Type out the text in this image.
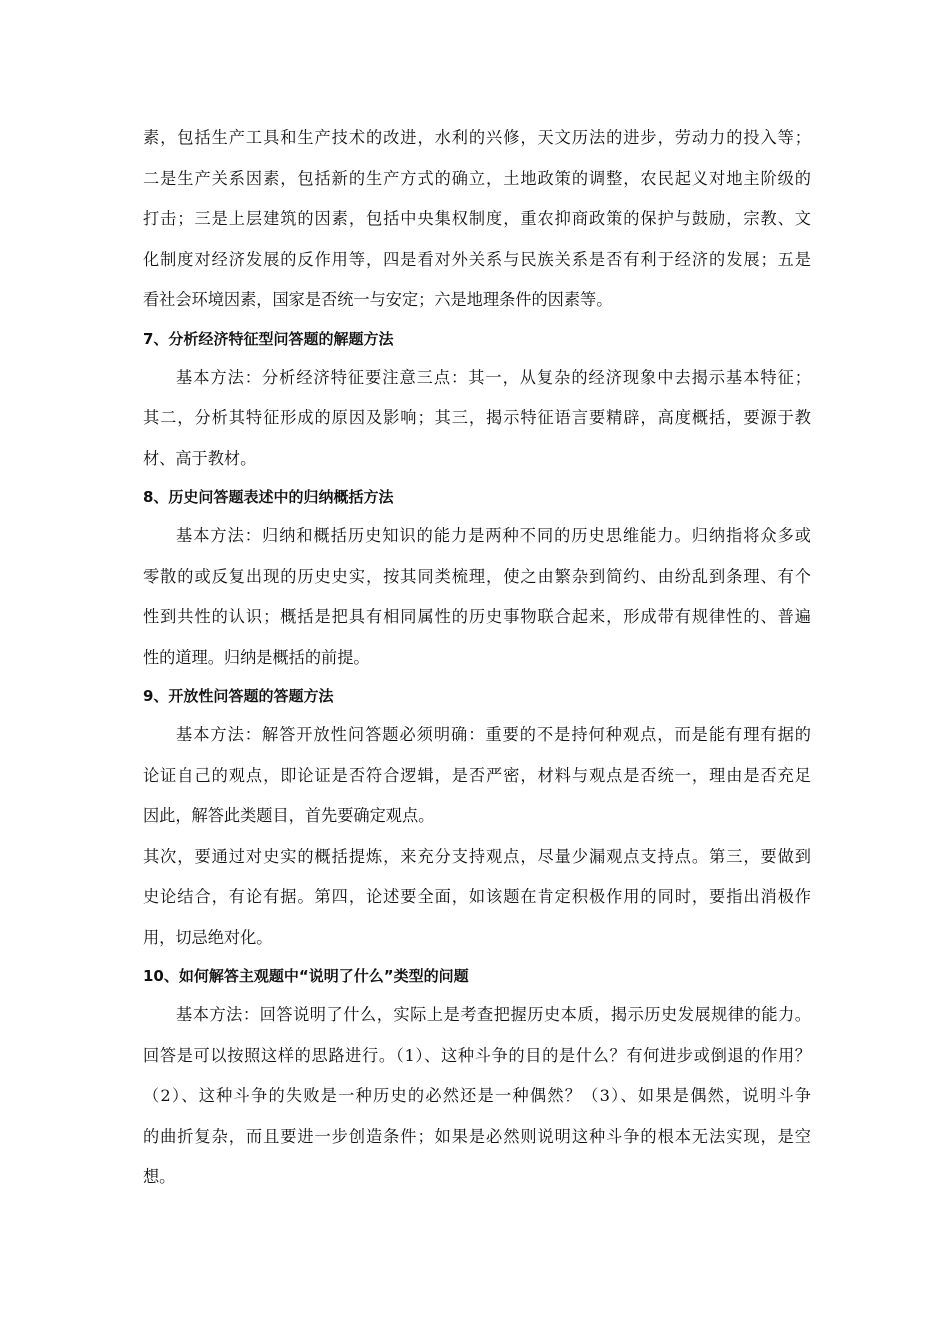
素，包括生产工具和生产技术的改进，水利的兴修，天文历法的进步，劳动力的投入等；
二是生产关系因素，包括新的生产方式的确立，土地政策的调整，农民起义对地主阶级的
打击；三是上层建筑的因素，包括中央集权制度，重农抑商政策的保护与鼓励，宗教、文
化制度对经济发展的反作用等，四是看对外关系与民族关系是否有利于经济的发展；五是
看社会环境因素，国家是否统一与安定；六是地理条件的因素等。
7、分析经济特征型问答题的解题方法
基本方法：分析经济特征要注意三点：其一，从复杂的经济现象中去揭示基本特征；
其二，分析其特征形成的原因及影响；其三，揭示特征语言要精辟，高度概括，要源于教
材、高于教材。
8、历史问答题表述中的归纳概括方法
基本方法：归纳和概括历史知识的能力是两种不同的历史思维能力。归纳指将众多或
零散的或反复出现的历史史实，按其同类梳理，使之由繁杂到简约、由纷乱到条理、有个
性到共性的认识；概括是把具有相同属性的历史事物联合起来，形成带有规律性的、普遍
性的道理。归纳是概括的前提。
9、开放性问答题的答题方法
基本方法：解答开放性问答题必须明确：重要的不是持何种观点，而是能有理有据的
论证自己的观点，即论证是否符合逻辑，是否严密，材料与观点是否统一，理由是否充足
因此，解答此类题目，首先要确定观点。
其次，要通过对史实的概括提炼，来充分支持观点，尽量少漏观点支持点。第三，要做到
史论结合，有论有据。第四，论述要全面，如该题在肯定积极作用的同时，要指出消极作
用，切忌绝对化。
10、如何解答主观题中“说明了什么”类型的问题
基本方法：回答说明了什么，实际上是考查把握历史本质，揭示历史发展规律的能力。
回答是可以按照这样的思路进行。（1）、这种斗争的目的是什么？有何进步或倒退的作用？
（2）、这种斗争的失败是一种历史的必然还是一种偶然？（3）、如果是偶然，说明斗争
的曲折复杂，而且要进一步创造条件；如果是必然则说明这种斗争的根本无法实现，是空
想。
